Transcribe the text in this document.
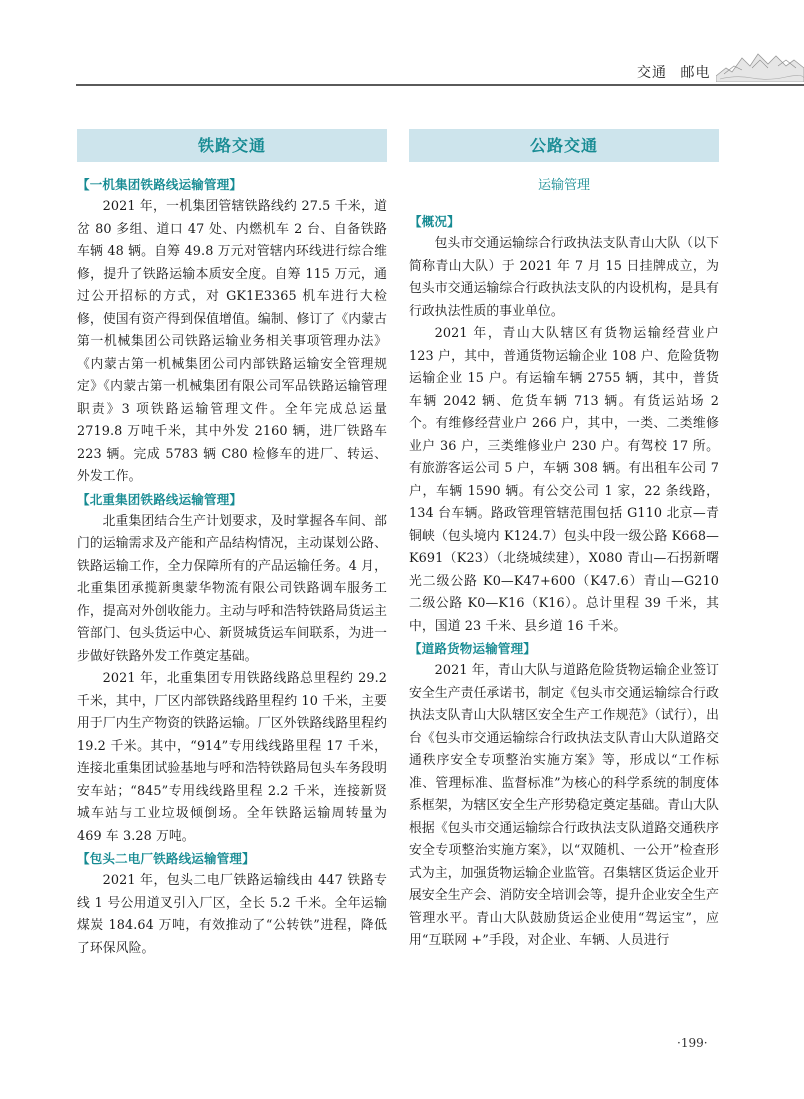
交通 邮电
铁路交通
【一机集团铁路线运输管理】

2021 年，一机集团管辖铁路线约 27.5 千米，道岔 80 多组、道口 47 处、内燃机车 2 台、自备铁路车辆 48 辆。自筹 49.8 万元对管辖内环线进行综合维修，提升了铁路运输本质安全度。自筹 115 万元，通过公开招标的方式，对 GK1E3365 机车进行大检修，使国有资产得到保值增值。编制、修订了《内蒙古第一机械集团公司铁路运输业务相关事项管理办法》《内蒙古第一机械集团公司内部铁路运输安全管理规定》《内蒙古第一机械集团有限公司军品铁路运输管理职责》3 项铁路运输管理文件。全年完成总运量 2719.8 万吨千米，其中外发 2160 辆，进厂铁路车 223 辆。完成 5783 辆 C80 检修车的进厂、转运、外发工作。

【北重集团铁路线运输管理】

北重集团结合生产计划要求，及时掌握各车间、部门的运输需求及产能和产品结构情况，主动谋划公路、铁路运输工作，全力保障所有的产品运输任务。4 月，北重集团承揽新奥蒙华物流有限公司铁路调车服务工作，提高对外创收能力。主动与呼和浩特铁路局货运主管部门、包头货运中心、新贤城货运车间联系，为进一步做好铁路外发工作奠定基础。

2021 年，北重集团专用铁路线路总里程约 29.2 千米，其中，厂区内部铁路线路里程约 10 千米，主要用于厂内生产物资的铁路运输。厂区外铁路线路里程约 19.2 千米。其中，“914”专用线线路里程 17 千米，连接北重集团试验基地与呼和浩特铁路局包头车务段明安车站；“845”专用线线路里程 2.2 千米，连接新贤城车站与工业垃圾倾倒场。全年铁路运输周转量为 469 车 3.28 万吨。

【包头二电厂铁路线运输管理】

2021 年，包头二电厂铁路运输线由 447 铁路专线 1 号公用道叉引入厂区，全长 5.2 千米。全年运输煤炭 184.64 万吨，有效推动了“公转铁”进程，降低了环保风险。

公路交通
运输管理
【概况】

包头市交通运输综合行政执法支队青山大队（以下简称青山大队）于 2021 年 7 月 15 日挂牌成立，为包头市交通运输综合行政执法支队的内设机构，是具有行政执法性质的事业单位。

2021 年，青山大队辖区有货物运输经营业户 123 户，其中，普通货物运输企业 108 户、危险货物运输企业 15 户。有运输车辆 2755 辆，其中，普货车辆 2042 辆、危货车辆 713 辆。有货运站场 2 个。有维修经营业户 266 户，其中，一类、二类维修业户 36 户，三类维修业户 230 户。有驾校 17 所。有旅游客运公司 5 户，车辆 308 辆。有出租车公司 7 户，车辆 1590 辆。有公交公司 1 家，22 条线路，134 台车辆。路政管理管辖范围包括 G110 北京—青铜峡（包头境内 K124.7）包头中段一级公路 K668—K691（K23）（北绕城续建），X080 青山—石拐新曙光二级公路 K0—K47+600（K47.6）青山—G210 二级公路 K0—K16（K16）。总计里程 39 千米，其中，国道 23 千米、县乡道 16 千米。

【道路货物运输管理】

2021 年，青山大队与道路危险货物运输企业签订安全生产责任承诺书，制定《包头市交通运输综合行政执法支队青山大队辖区安全生产工作规范》（试行），出台《包头市交通运输综合行政执法支队青山大队道路交通秩序安全专项整治实施方案》等，形成以“工作标准、管理标准、监督标准”为核心的科学系统的制度体系框架，为辖区安全生产形势稳定奠定基础。青山大队根据《包头市交通运输综合行政执法支队道路交通秩序安全专项整治实施方案》，以“双随机、一公开”检查形式为主，加强货物运输企业监管。召集辖区货运企业开展安全生产会、消防安全培训会等，提升企业安全生产管理水平。青山大队鼓励货运企业使用“驾运宝”，应用“互联网 +”手段，对企业、车辆、人员进行

·199·
